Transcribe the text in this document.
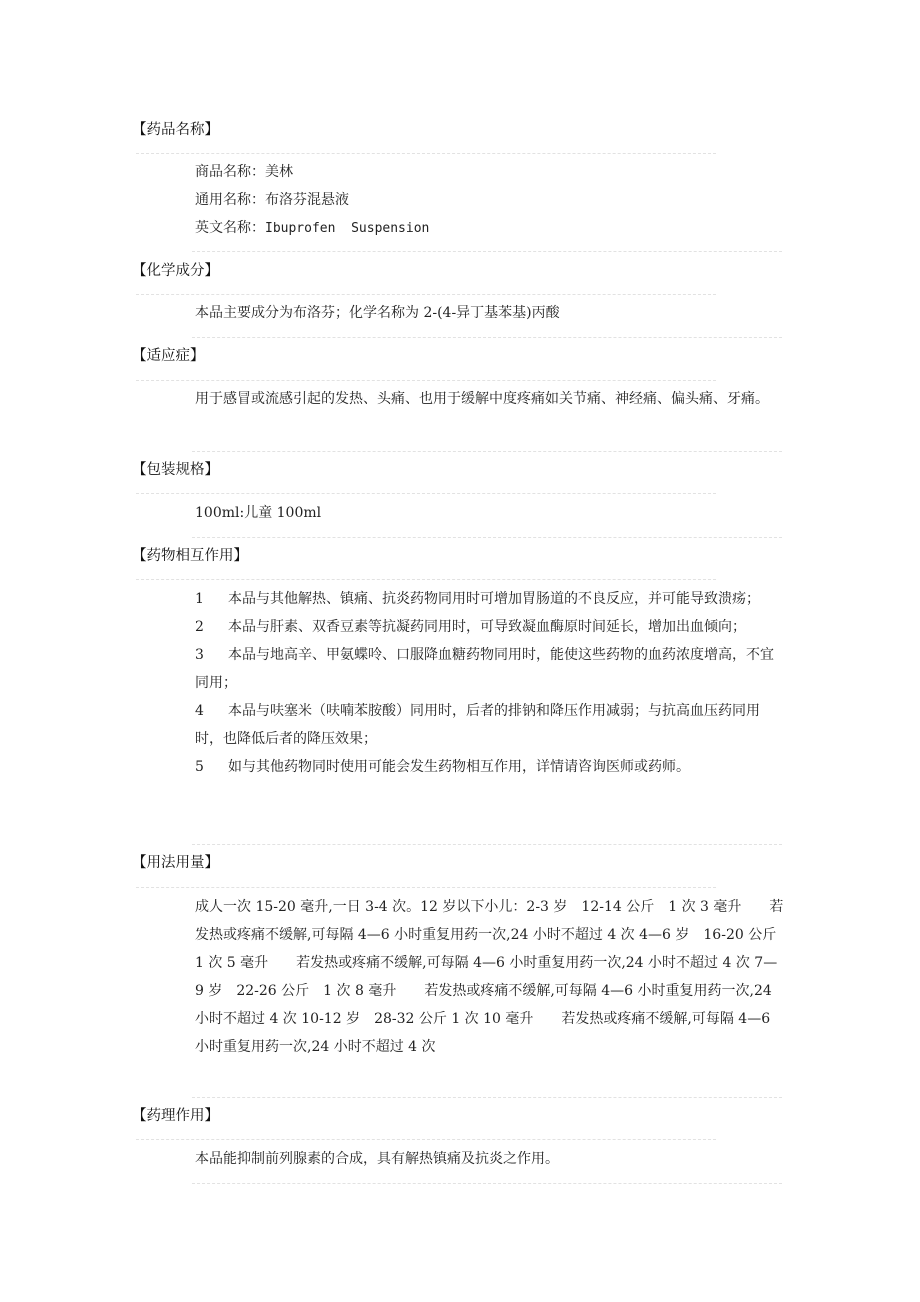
【药品名称】

商品名称：美林

通用名称：布洛芬混悬液

英文名称：Ibuprofen  Suspension

【化学成分】
本品主要成分为布洛芬；化学名称为 2-(4-异丁基苯基)丙酸
【适应症】
用于感冒或流感引起的发热、头痛、也用于缓解中度疼痛如关节痛、神经痛、偏头痛、牙痛。
【包装规格】
100ml:儿童 100ml
【药物相互作用】

1 本品与其他解热、镇痛、抗炎药物同用时可增加胃肠道的不良反应，并可能导致溃疡；

2 本品与肝素、双香豆素等抗凝药同用时，可导致凝血酶原时间延长，增加出血倾向；

3 本品与地高辛、甲氨蝶呤、口服降血糖药物同用时，能使这些药物的血药浓度增高，不宜同用；

4 本品与呋塞米（呋喃苯胺酸）同用时，后者的排钠和降压作用减弱；与抗高血压药同用时，也降低后者的降压效果；

5 如与其他药物同时使用可能会发生药物相互作用，详情请咨询医师或药师。

【用法用量】
成人一次 15-20 毫升,一日 3-4 次。12 岁以下小儿：2-3 岁　12-14 公斤　1 次 3 毫升　　若发热或疼痛不缓解,可每隔 4—6 小时重复用药一次,24 小时不超过 4 次 4—6 岁　16-20 公斤　1 次 5 毫升　　若发热或疼痛不缓解,可每隔 4—6 小时重复用药一次,24 小时不超过 4 次 7—9 岁　22-26 公斤　1 次 8 毫升　　若发热或疼痛不缓解,可每隔 4—6 小时重复用药一次,24 小时不超过 4 次 10-12 岁　28-32 公斤 1 次 10 毫升　　若发热或疼痛不缓解,可每隔 4—6 小时重复用药一次,24 小时不超过 4 次
【药理作用】
本品能抑制前列腺素的合成，具有解热镇痛及抗炎之作用。
